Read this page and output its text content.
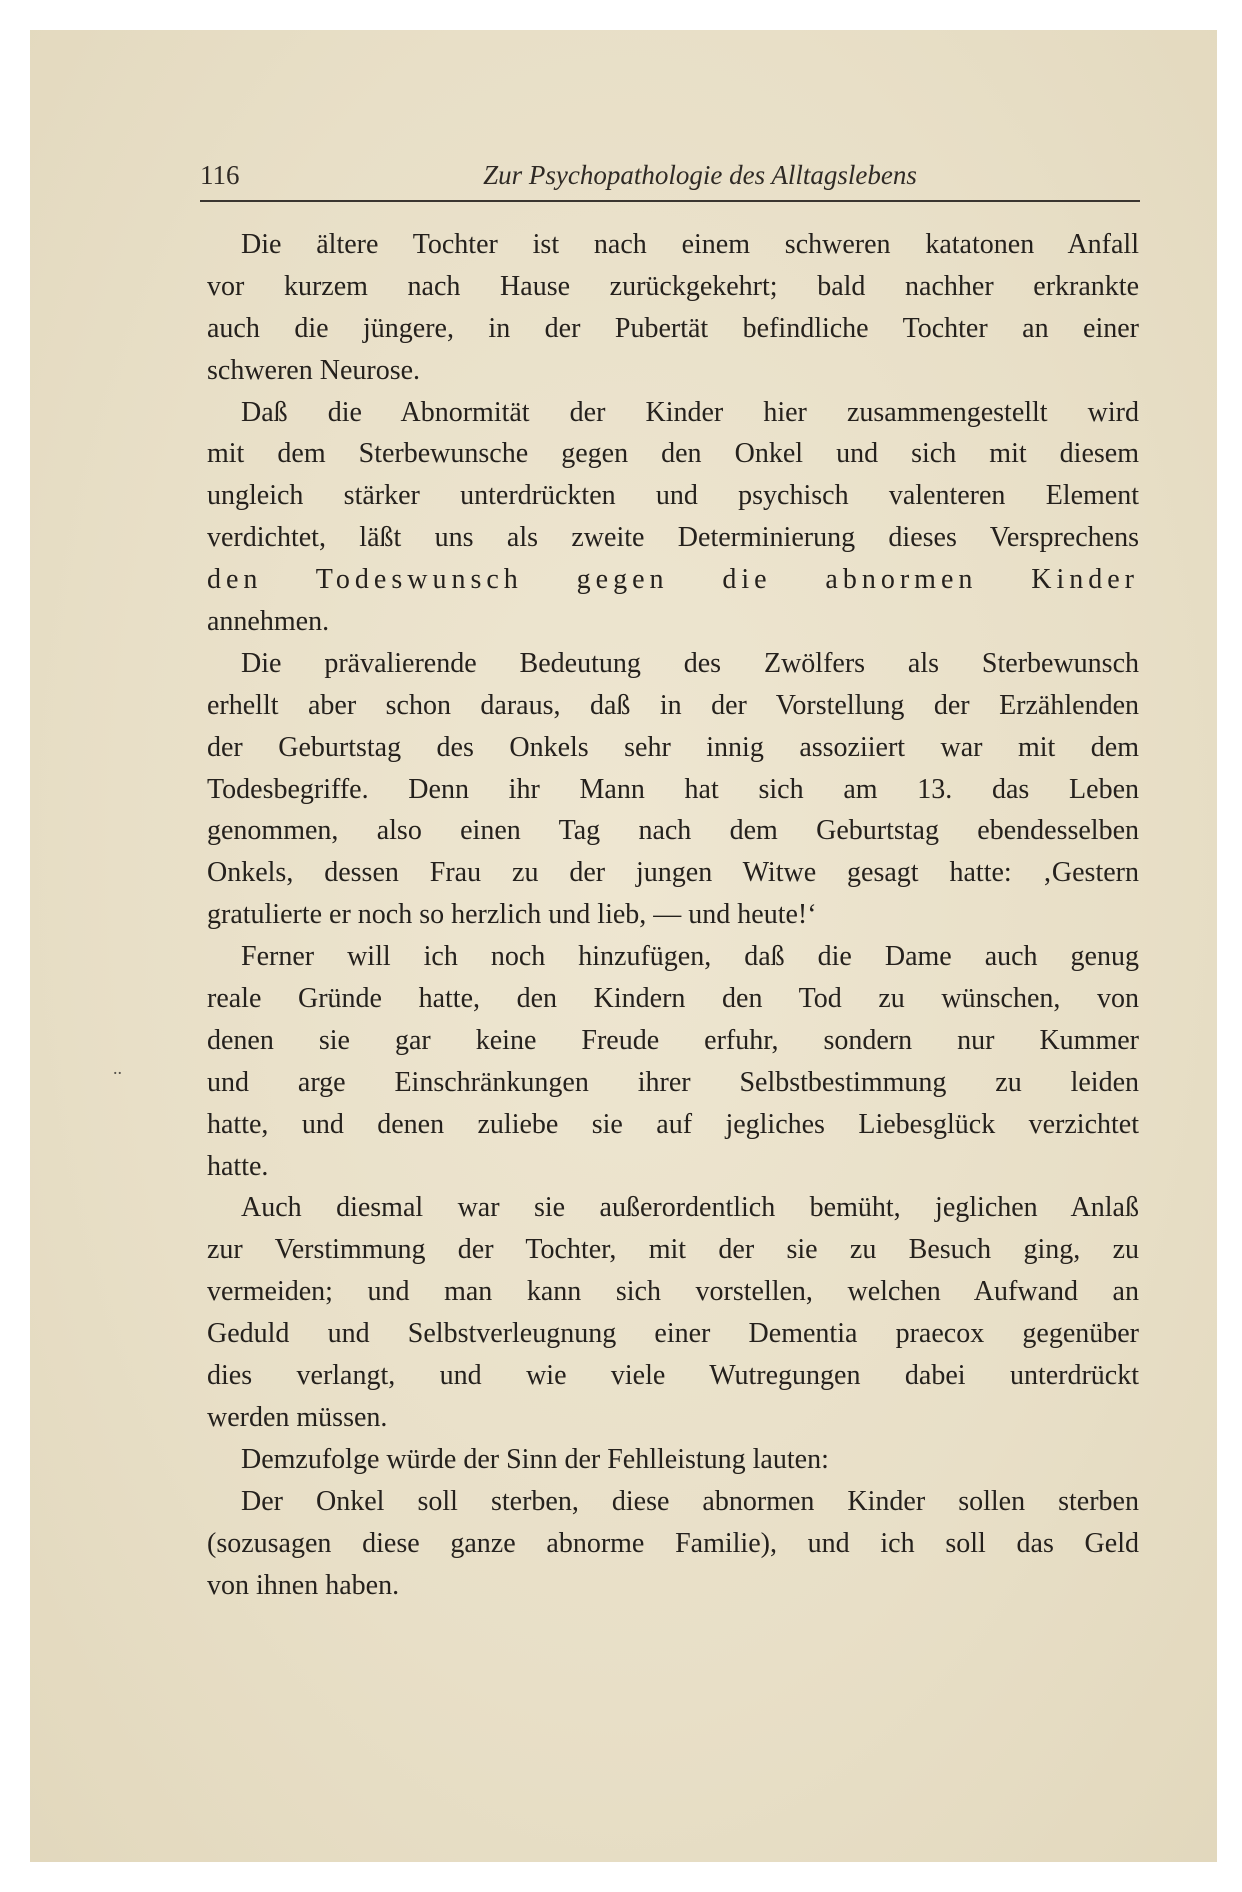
116	Zur Psychopathologie des Alltagslebens
..
Die ältere Tochter ist nach einem schweren katatonen Anfall
vor kurzem nach Hause zurückgekehrt; bald nachher erkrankte
auch die jüngere, in der Pubertät befindliche Tochter an einer
schweren Neurose.
Daß die Abnormität der Kinder hier zusammengestellt wird
mit dem Sterbewunsche gegen den Onkel und sich mit diesem
ungleich stärker unterdrückten und psychisch valenteren Element
verdichtet, läßt uns als zweite Determinierung dieses Versprechens
den Todeswunsch gegen die abnormen Kinder
annehmen.
Die prävalierende Bedeutung des Zwölfers als Sterbewunsch
erhellt aber schon daraus, daß in der Vorstellung der Erzählenden
der Geburtstag des Onkels sehr innig assoziiert war mit dem
Todesbegriffe. Denn ihr Mann hat sich am 13. das Leben
genommen, also einen Tag nach dem Geburtstag ebendesselben
Onkels, dessen Frau zu der jungen Witwe gesagt hatte: ‚Gestern
gratulierte er noch so herzlich und lieb, — und heute!‘
Ferner will ich noch hinzufügen, daß die Dame auch genug
reale Gründe hatte, den Kindern den Tod zu wünschen, von
denen sie gar keine Freude erfuhr, sondern nur Kummer
und arge Einschränkungen ihrer Selbstbestimmung zu leiden
hatte, und denen zuliebe sie auf jegliches Liebesglück verzichtet
hatte.
Auch diesmal war sie außerordentlich bemüht, jeglichen Anlaß
zur Verstimmung der Tochter, mit der sie zu Besuch ging, zu
vermeiden; und man kann sich vorstellen, welchen Aufwand an
Geduld und Selbstverleugnung einer Dementia praecox gegenüber
dies verlangt, und wie viele Wutregungen dabei unterdrückt
werden müssen.
Demzufolge würde der Sinn der Fehlleistung lauten:
Der Onkel soll sterben, diese abnormen Kinder sollen sterben
(sozusagen diese ganze abnorme Familie), und ich soll das Geld
von ihnen haben.
